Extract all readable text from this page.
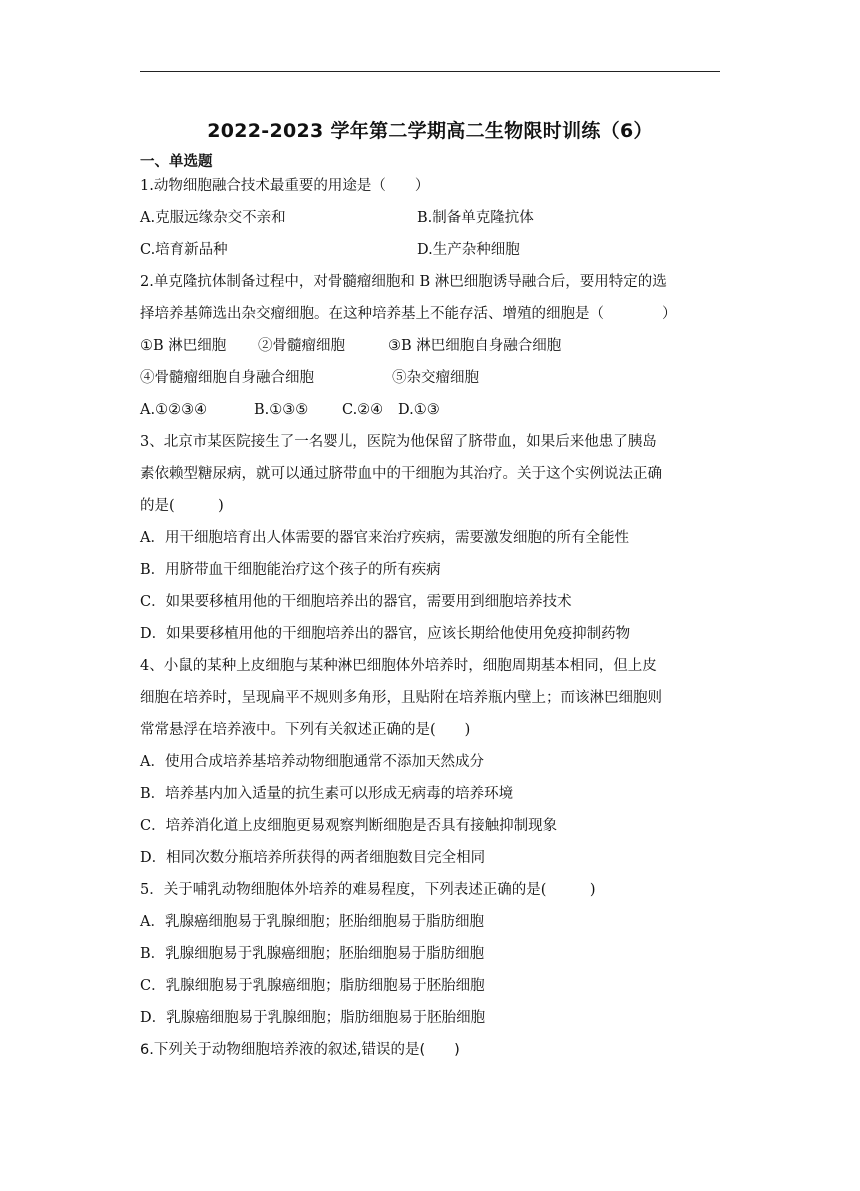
2022-2023 学年第二学期高二生物限时训练（6）
一、单选题
1.动物细胞融合技术最重要的用途是（　　）
A.克服远缘杂交不亲和	B.制备单克隆抗体
C.培育新品种	D.生产杂种细胞
2.单克隆抗体制备过程中，对骨髓瘤细胞和 B 淋巴细胞诱导融合后，要用特定的选
择培养基筛选出杂交瘤细胞。在这种培养基上不能存活、增殖的细胞是（　　　　）
①B 淋巴细胞 ②骨髓瘤细胞	③B 淋巴细胞自身融合细胞
④骨髓瘤细胞自身融合细胞	⑤杂交瘤细胞
A.①②③④	B.①③⑤ C.②④ D.①③
3、北京市某医院接生了一名婴儿，医院为他保留了脐带血，如果后来他患了胰岛
素依赖型糖尿病，就可以通过脐带血中的干细胞为其治疗。关于这个实例说法正确
的是(　　　)
A．用干细胞培育出人体需要的器官来治疗疾病，需要激发细胞的所有全能性
B．用脐带血干细胞能治疗这个孩子的所有疾病
C．如果要移植用他的干细胞培养出的器官，需要用到细胞培养技术
D．如果要移植用他的干细胞培养出的器官，应该长期给他使用免疫抑制药物
4、小鼠的某种上皮细胞与某种淋巴细胞体外培养时，细胞周期基本相同，但上皮
细胞在培养时，呈现扁平不规则多角形，且贴附在培养瓶内壁上；而该淋巴细胞则
常常悬浮在培养液中。下列有关叙述正确的是(　　)
A．使用合成培养基培养动物细胞通常不添加天然成分
B．培养基内加入适量的抗生素可以形成无病毒的培养环境
C．培养消化道上皮细胞更易观察判断细胞是否具有接触抑制现象
D．相同次数分瓶培养所获得的两者细胞数目完全相同
5．关于哺乳动物细胞体外培养的难易程度，下列表述正确的是(　　　)
A．乳腺癌细胞易于乳腺细胞；胚胎细胞易于脂肪细胞
B．乳腺细胞易于乳腺癌细胞；胚胎细胞易于脂肪细胞
C．乳腺细胞易于乳腺癌细胞；脂肪细胞易于胚胎细胞
D．乳腺癌细胞易于乳腺细胞；脂肪细胞易于胚胎细胞
6.下列关于动物细胞培养液的叙述,错误的是(　　)
